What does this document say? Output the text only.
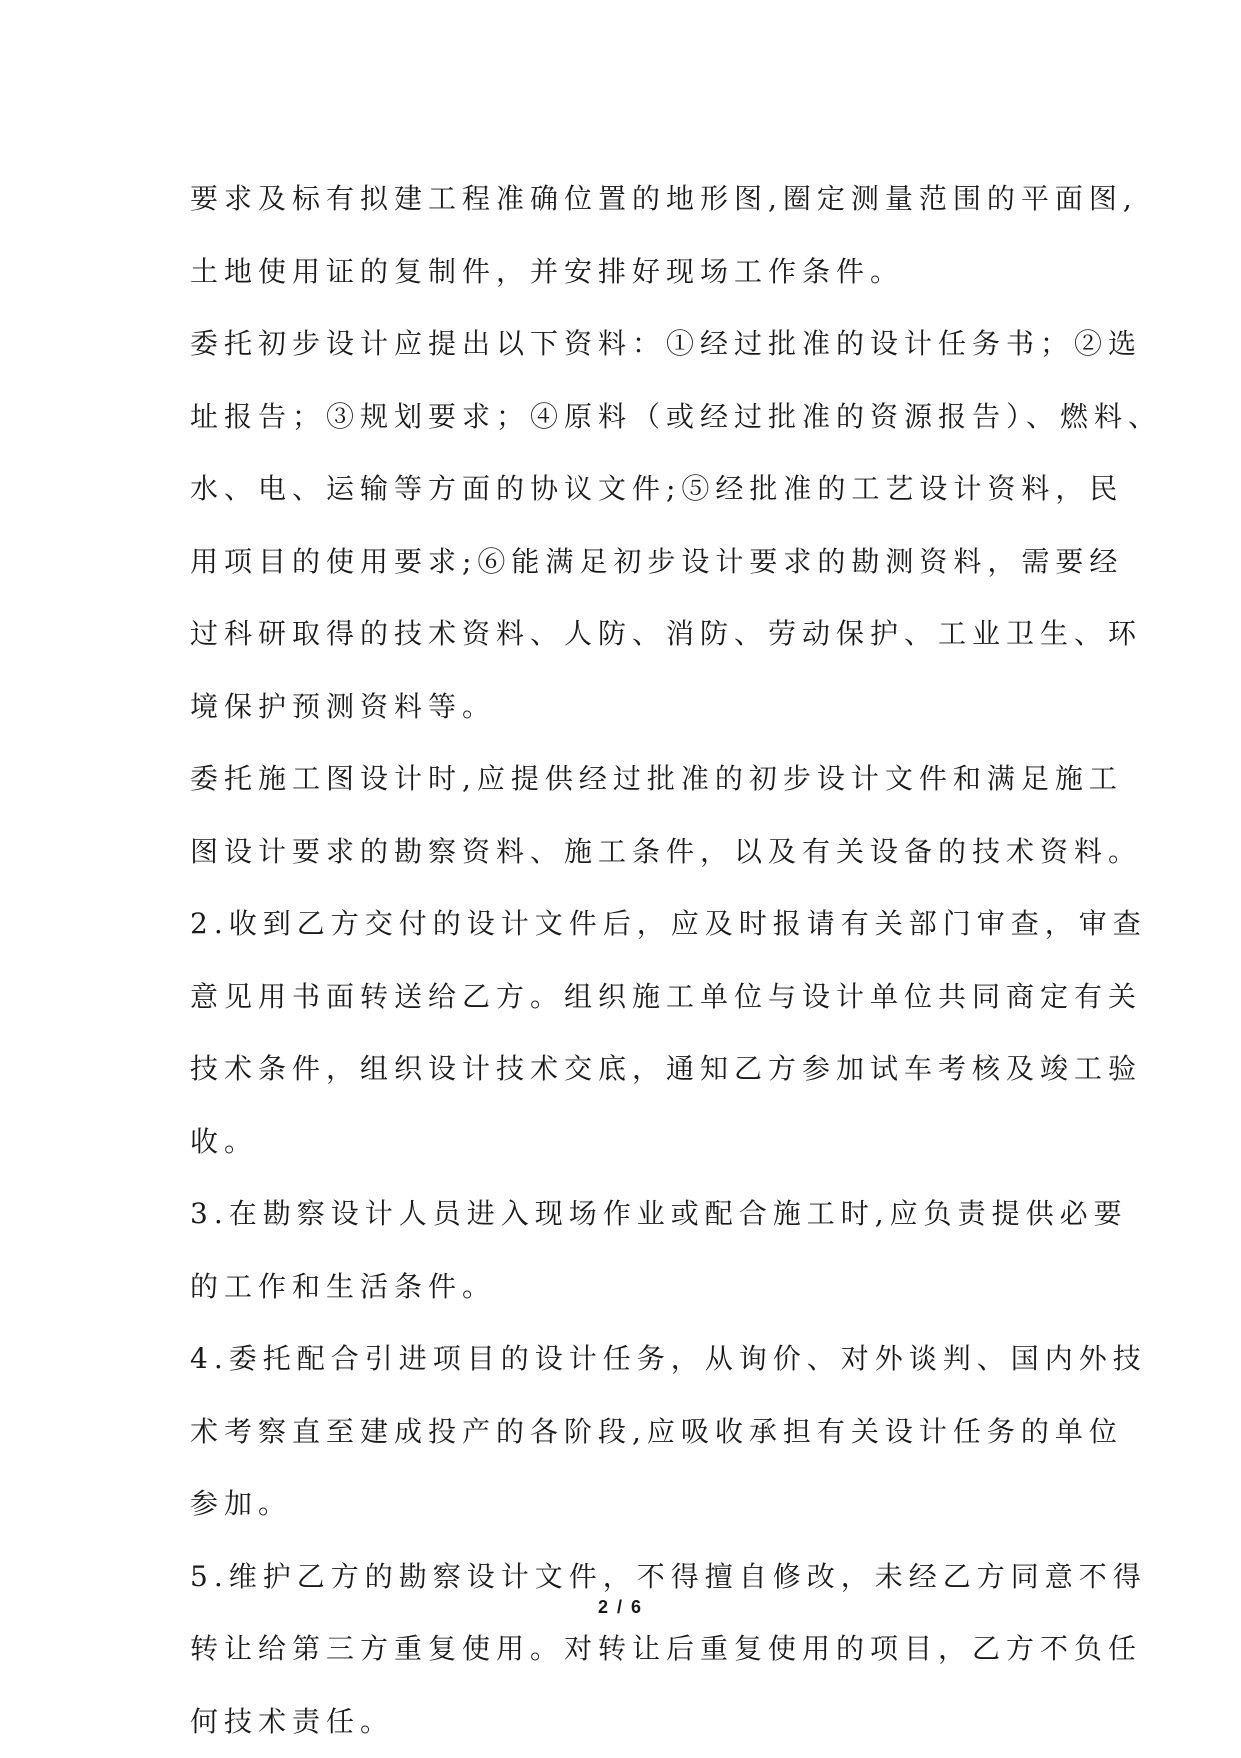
要求及标有拟建工程准确位置的地形图,圈定测量范围的平面图,
土地使用证的复制件，并安排好现场工作条件。
委托初步设计应提出以下资料：①经过批准的设计任务书；②选
址报告；③规划要求；④原料（或经过批准的资源报告）、燃料、
水、电、运输等方面的协议文件;⑤经批准的工艺设计资料，民
用项目的使用要求;⑥能满足初步设计要求的勘测资料，需要经
过科研取得的技术资料、人防、消防、劳动保护、工业卫生、环
境保护预测资料等。
委托施工图设计时,应提供经过批准的初步设计文件和满足施工
图设计要求的勘察资料、施工条件，以及有关设备的技术资料。
2.收到乙方交付的设计文件后，应及时报请有关部门审查，审查
意见用书面转送给乙方。组织施工单位与设计单位共同商定有关
技术条件，组织设计技术交底，通知乙方参加试车考核及竣工验
收。
3.在勘察设计人员进入现场作业或配合施工时,应负责提供必要
的工作和生活条件。
4.委托配合引进项目的设计任务，从询价、对外谈判、国内外技
术考察直至建成投产的各阶段,应吸收承担有关设计任务的单位
参加。
5.维护乙方的勘察设计文件，不得擅自修改，未经乙方同意不得
转让给第三方重复使用。对转让后重复使用的项目，乙方不负任
何技术责任。
2 / 6
